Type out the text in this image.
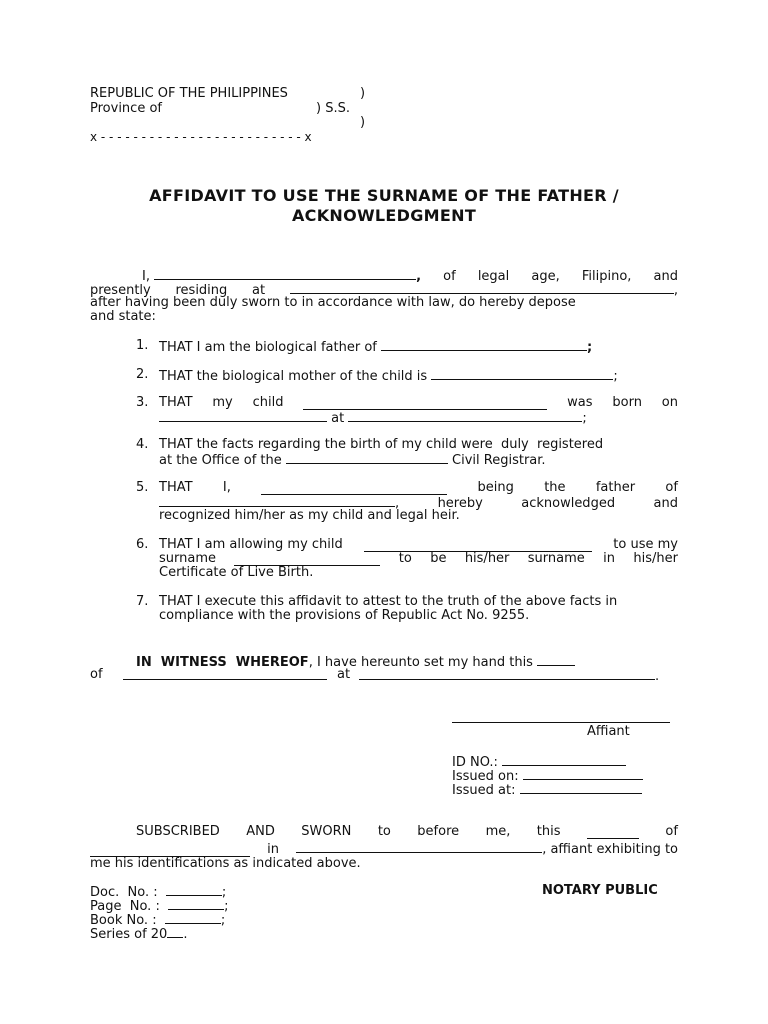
REPUBLIC OF THE PHILIPPINES	)
Province of	) S.S.
)
x - - - - - - - - - - - - - - - - - - - - - - - - - x
AFFIDAVIT TO USE THE SURNAME OF THE FATHER /
ACKNOWLEDGMENT
I,	, of legal age, Filipino, and
presently residing at	,
after having been duly sworn to in accordance with law, do hereby depose
and state:
1. THAT I am the biological father of	;
2. THAT the biological mother of the child is	;
3. THAT my child	was born on
at	;
4. THAT the facts regarding the birth of my child were  duly  registered
at the Office of the	Civil Registrar.
5. THAT I,	being the father of
,	hereby	acknowledged	and
recognized him/her as my child and legal heir.
6. THAT I am allowing my child	to use my
surname	to be his/her surname in his/her
Certificate of Live Birth.
7. THAT I execute this affidavit to attest to the truth of the above facts in
compliance with the provisions of Republic Act No. 9255.
IN  WITNESS  WHEREOF, I have hereunto set my hand this
of	at	.
Affiant
ID NO.:
Issued on:
Issued at:
SUBSCRIBED AND SWORN to before me, this	of
in	, affiant exhibiting to
me his identifications as indicated above.
NOTARY PUBLIC
Doc.  No. :	;
Page  No. :	;
Book No. :	;
Series of 20 .
